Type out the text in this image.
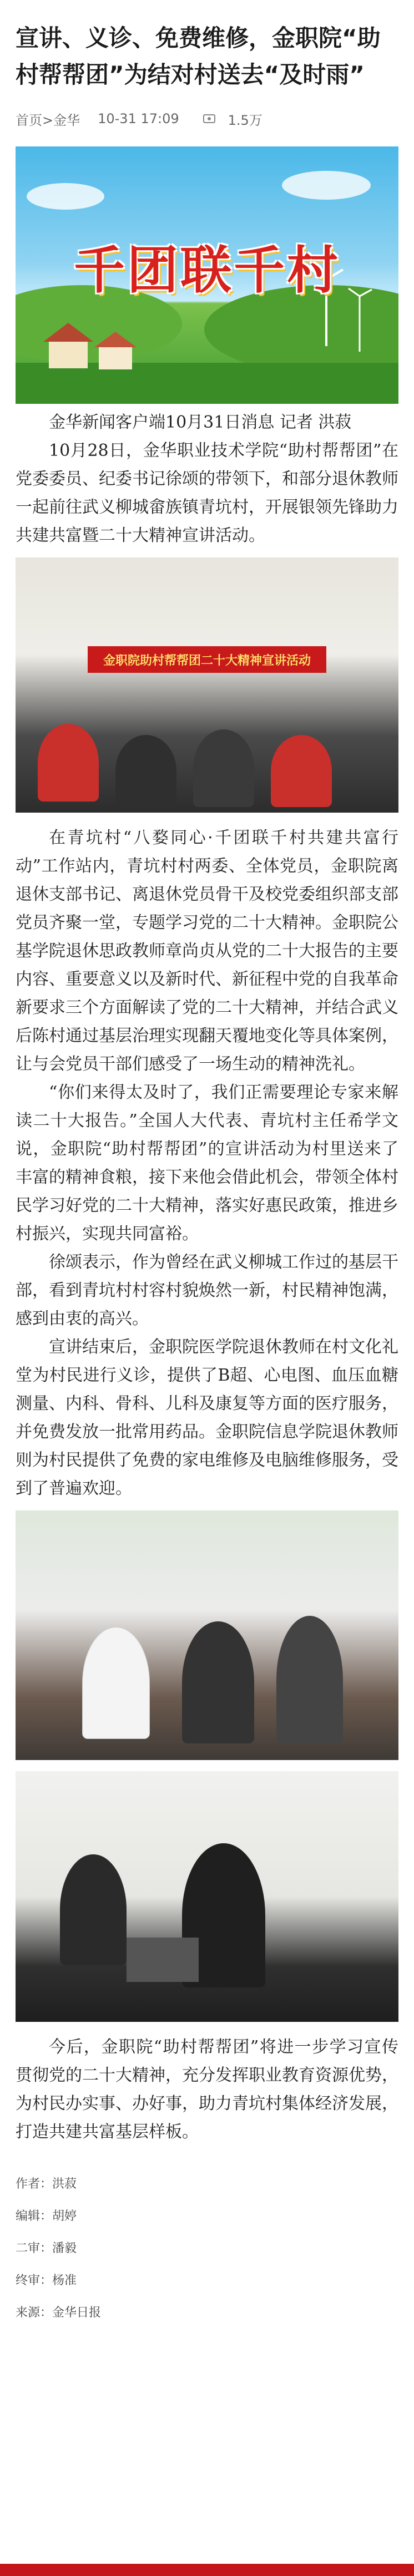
宣讲、义诊、免费维修，金职院“助村帮帮团”为结对村送去“及时雨”
首页>金华 10-31 17:09	1.5万
千团联千村

金华新闻客户端10月31日消息 记者 洪菽

10月28日，金华职业技术学院“助村帮帮团”在党委委员、纪委书记徐颂的带领下，和部分退休教师一起前往武义柳城畲族镇青坑村，开展银领先锋助力共建共富暨二十大精神宣讲活动。

金职院助村帮帮团二十大精神宣讲活动

在青坑村“八婺同心·千团联千村共建共富行动”工作站内，青坑村村两委、全体党员，金职院离退休支部书记、离退休党员骨干及校党委组织部支部党员齐聚一堂，专题学习党的二十大精神。金职院公基学院退休思政教师章尚贞从党的二十大报告的主要内容、重要意义以及新时代、新征程中党的自我革命新要求三个方面解读了党的二十大精神，并结合武义后陈村通过基层治理实现翻天覆地变化等具体案例，让与会党员干部们感受了一场生动的精神洗礼。

“你们来得太及时了，我们正需要理论专家来解读二十大报告。”全国人大代表、青坑村主任希学文说，金职院“助村帮帮团”的宣讲活动为村里送来了丰富的精神食粮，接下来他会借此机会，带领全体村民学习好党的二十大精神，落实好惠民政策，推进乡村振兴，实现共同富裕。

徐颂表示，作为曾经在武义柳城工作过的基层干部，看到青坑村村容村貌焕然一新，村民精神饱满，感到由衷的高兴。

宣讲结束后，金职院医学院退休教师在村文化礼堂为村民进行义诊，提供了B超、心电图、血压血糖测量、内科、骨科、儿科及康复等方面的医疗服务，并免费发放一批常用药品。金职院信息学院退休教师则为村民提供了免费的家电维修及电脑维修服务，受到了普遍欢迎。

今后，金职院“助村帮帮团”将进一步学习宣传贯彻党的二十大精神，充分发挥职业教育资源优势，为村民办实事、办好事，助力青坑村集体经济发展，打造共建共富基层样板。

作者：洪菽
编辑：胡婷
二审：潘毅
终审：杨准
来源：金华日报
